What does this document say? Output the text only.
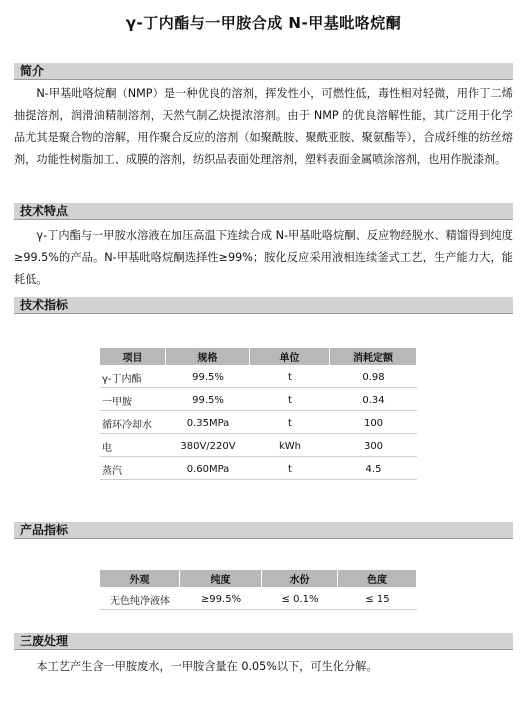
γ-丁内酯与一甲胺合成 N-甲基吡咯烷酮
简介

N-甲基吡咯烷酮（NMP）是一种优良的溶剂，挥发性小，可燃性低，毒性相对轻微，用作丁二烯抽提溶剂，润滑油精制溶剂，天然气制乙炔提浓溶剂。由于 NMP 的优良溶解性能，其广泛用于化学品尤其是聚合物的溶解，用作聚合反应的溶剂（如聚酰胺、聚酰亚胺、聚氨酯等），合成纤维的纺丝熔剂，功能性树脂加工、成膜的溶剂，纺织品表面处理溶剂，塑料表面金属喷涂溶剂，也用作脱漆剂。

技术特点

γ-丁内酯与一甲胺水溶液在加压高温下连续合成 N-甲基吡咯烷酮、反应物经脱水、精馏得到纯度≥99.5%的产品。N-甲基吡咯烷酮选择性≥99%；胺化反应采用液相连续釜式工艺，生产能力大，能耗低。

技术指标
项目	规格	单位	消耗定额
γ-丁内酯	99.5%	t	0.98
一甲胺	99.5%	t	0.34
循环冷却水	0.35MPa	t	100
电	380V/220V	kWh	300
蒸汽	0.60MPa	t	4.5
产品指标
外观	纯度	水份	色度
无色纯净液体	≥99.5%	≤ 0.1%	≤ 15
三废处理

本工艺产生含一甲胺废水，一甲胺含量在 0.05%以下，可生化分解。
